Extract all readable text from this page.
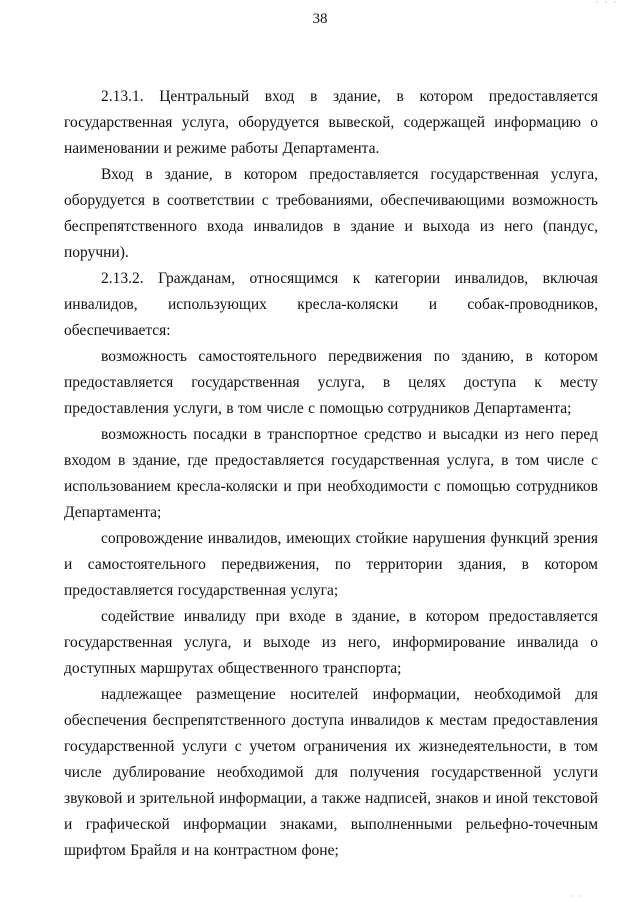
· · ·
38

2.13.1. Центральный вход в здание, в котором предоставляется государственная услуга, оборудуется вывеской, содержащей информацию о наименовании и режиме работы Департамента.

Вход в здание, в котором предоставляется государственная услуга, оборудуется в соответствии с требованиями, обеспечивающими возможность беспрепятственного входа инвалидов в здание и выхода из него (пандус, поручни).

2.13.2. Гражданам, относящимся к категории инвалидов, включая инвалидов, использующих кресла-коляски и собак-проводников, обеспечивается:

возможность самостоятельного передвижения по зданию, в котором предоставляется государственная услуга, в целях доступа к месту предоставления услуги, в том числе с помощью сотрудников Департамента;

возможность посадки в транспортное средство и высадки из него перед входом в здание, где предоставляется государственная услуга, в том числе с использованием кресла-коляски и при необходимости с помощью сотрудников Департамента;

сопровождение инвалидов, имеющих стойкие нарушения функций зрения и самостоятельного передвижения, по территории здания, в котором предоставляется государственная услуга;

содействие инвалиду при входе в здание, в котором предоставляется государственная услуга, и выходе из него, информирование инвалида о доступных маршрутах общественного транспорта;

надлежащее размещение носителей информации, необходимой для обеспечения беспрепятственного доступа инвалидов к местам предоставления государственной услуги с учетом ограничения их жизнедеятельности, в том числе дублирование необходимой для получения государственной услуги звуковой и зрительной информации, а также надписей, знаков и иной текстовой и графической информации знаками, выполненными рельефно-точечным шрифтом Брайля и на контрастном фоне;

· ·
